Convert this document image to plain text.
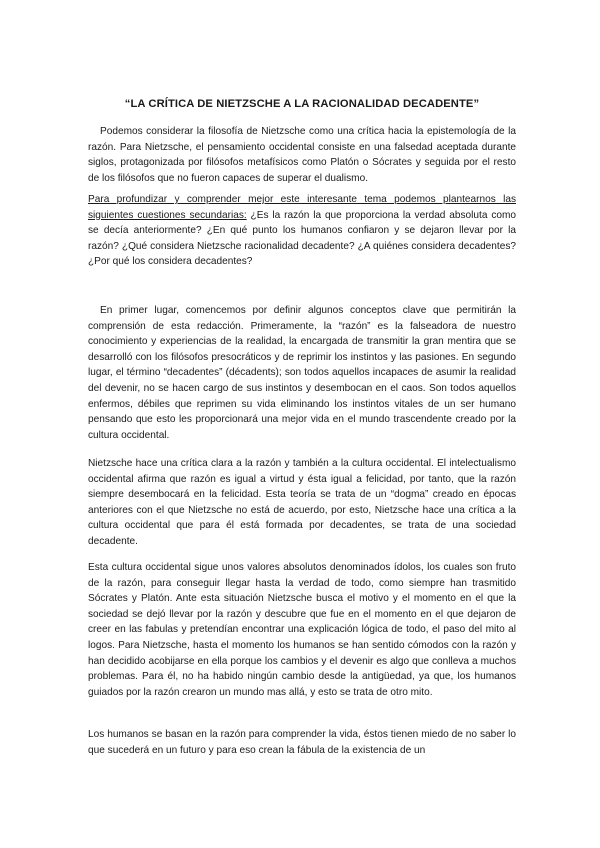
“LA CRÍTICA DE NIETZSCHE A LA RACIONALIDAD DECADENTE”

Podemos considerar la filosofía de Nietzsche como una crítica hacia la epistemología de la razón. Para Nietzsche, el pensamiento occidental consiste en una falsedad aceptada durante siglos, protagonizada por filósofos metafísicos como Platón o Sócrates y seguida por el resto de los filósofos que no fueron capaces de superar el dualismo.

Para profundizar y comprender mejor este interesante tema podemos plantearnos las siguientes cuestiones secundarias: ¿Es la razón la que proporciona la verdad absoluta como se decía anteriormente? ¿En qué punto los humanos confiaron y se dejaron llevar por la razón? ¿Qué considera Nietzsche racionalidad decadente? ¿A quiénes considera decadentes? ¿Por qué los considera decadentes?

En primer lugar, comencemos por definir algunos conceptos clave que permitirán la comprensión de esta redacción. Primeramente, la “razón” es la falseadora de nuestro conocimiento y experiencias de la realidad, la encargada de transmitir la gran mentira que se desarrolló con los filósofos presocráticos y de reprimir los instintos y las pasiones. En segundo lugar, el término “decadentes” (décadents); son todos aquellos incapaces de asumir la realidad del devenir, no se hacen cargo de sus instintos y desembocan en el caos. Son todos aquellos enfermos, débiles que reprimen su vida eliminando los instintos vitales de un ser humano pensando que esto les proporcionará una mejor vida en el mundo trascendente creado por la cultura occidental.

Nietzsche hace una crítica clara a la razón y también a la cultura occidental. El intelectualismo occidental afirma que razón es igual a virtud y ésta igual a felicidad, por tanto, que la razón siempre desembocará en la felicidad. Esta teoría se trata de un “dogma” creado en épocas anteriores con el que Nietzsche no está de acuerdo, por esto, Nietzsche hace una crítica a la cultura occidental que para él está formada por decadentes, se trata de una sociedad decadente.

Esta cultura occidental sigue unos valores absolutos denominados ídolos, los cuales son fruto de la razón, para conseguir llegar hasta la verdad de todo, como siempre han trasmitido Sócrates y Platón. Ante esta situación Nietzsche busca el motivo y el momento en el que la sociedad se dejó llevar por la razón y descubre que fue en el momento en el que dejaron de creer en las fabulas y pretendían encontrar una explicación lógica de todo, el paso del mito al logos. Para Nietzsche, hasta el momento los humanos se han sentido cómodos con la razón y han decidido acobijarse en ella porque los cambios y el devenir es algo que conlleva a muchos problemas. Para él, no ha habido ningún cambio desde la antigüedad, ya que, los humanos guiados por la razón crearon un mundo mas allá, y esto se trata de otro mito.

Los humanos se basan en la razón para comprender la vida, éstos tienen miedo de no saber lo que sucederá en un futuro y para eso crean la fábula de la existencia de un
